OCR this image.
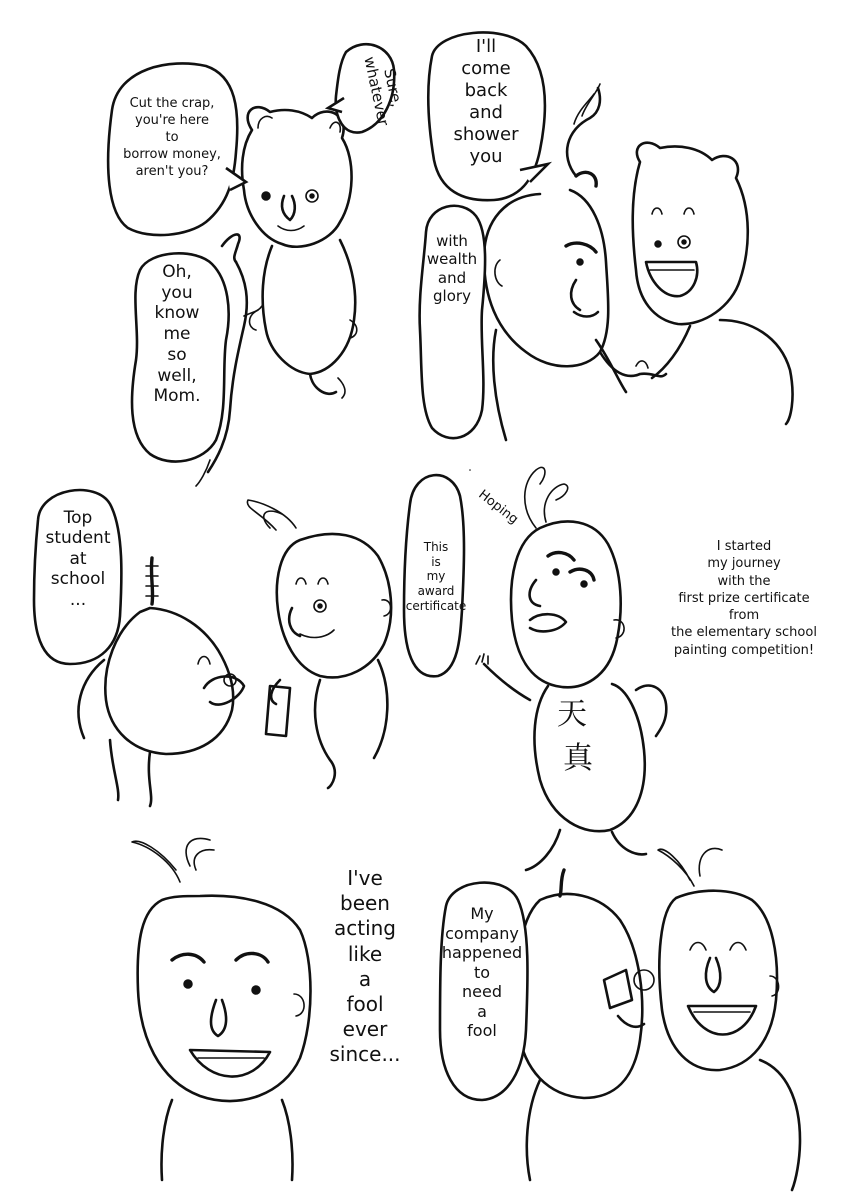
Cut the crap,
you're here
to
borrow money,
aren't you?
Sure,
whatever
Oh,
you
know
me
so
well,
Mom.
I'll
come
back
and
shower
you
with
wealth
and
glory
Top
student
at
school
...
This
is
my
award
certificate
Hoping
I started
my journey
with the
first prize certificate
from
the elementary school
painting competition!
天
真
I've
been
acting
like
a
fool
ever
since...
My
company
happened
to
need
a
fool
